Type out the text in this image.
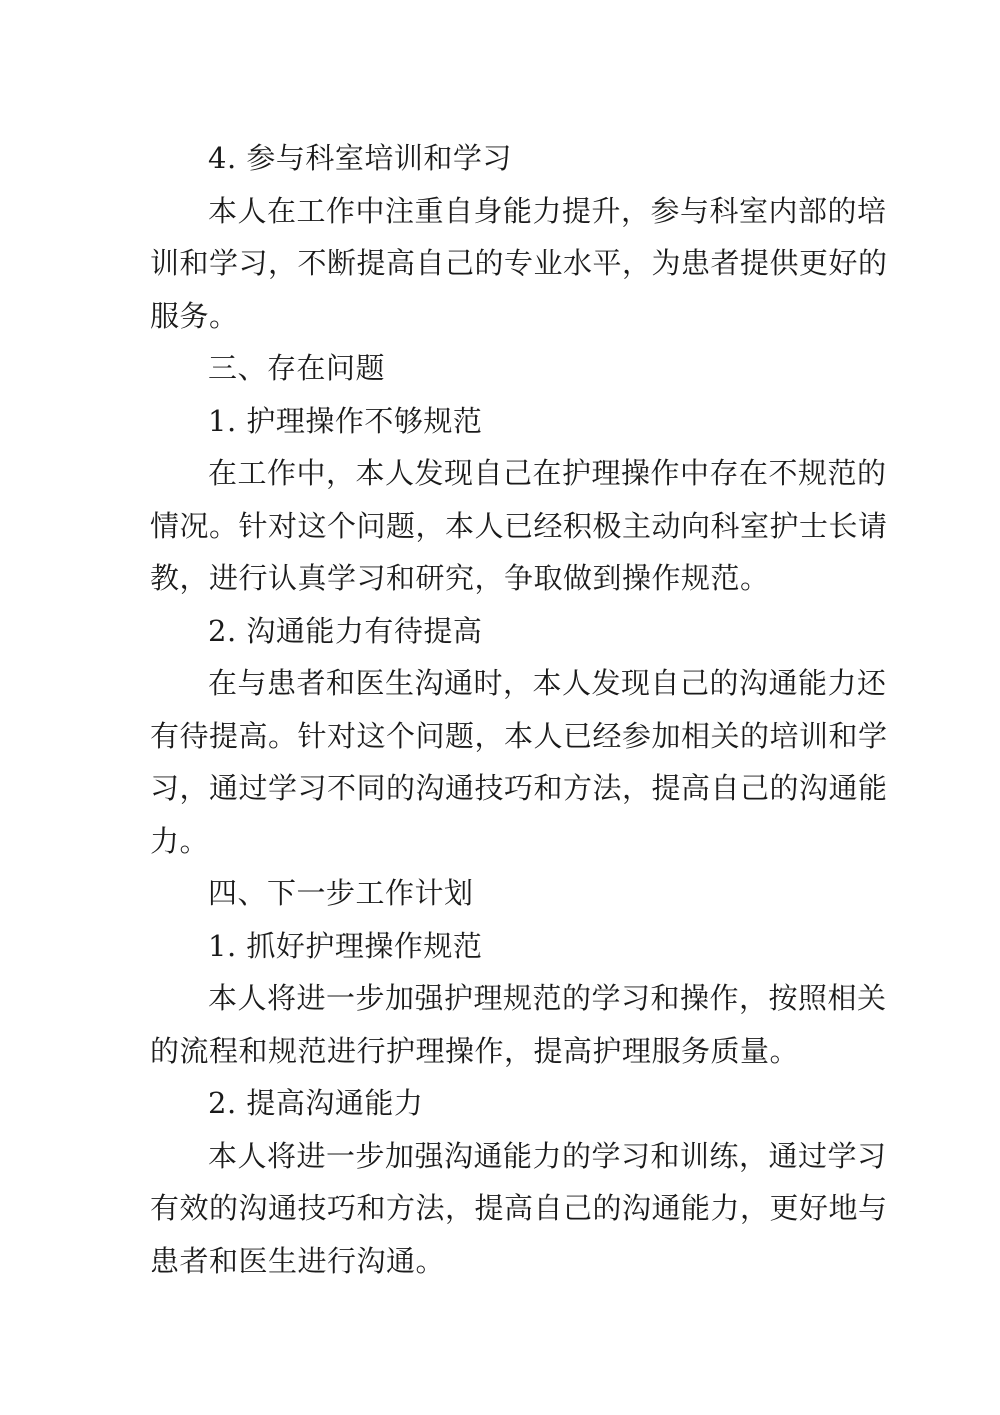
4. 参与科室培训和学习
本人在工作中注重自身能力提升，参与科室内部的培
训和学习，不断提高自己的专业水平，为患者提供更好的
服务。
三、存在问题
1. 护理操作不够规范
在工作中，本人发现自己在护理操作中存在不规范的
情况。针对这个问题，本人已经积极主动向科室护士长请
教，进行认真学习和研究，争取做到操作规范。
2. 沟通能力有待提高
在与患者和医生沟通时，本人发现自己的沟通能力还
有待提高。针对这个问题，本人已经参加相关的培训和学
习，通过学习不同的沟通技巧和方法，提高自己的沟通能
力。
四、下一步工作计划
1. 抓好护理操作规范
本人将进一步加强护理规范的学习和操作，按照相关
的流程和规范进行护理操作，提高护理服务质量。
2. 提高沟通能力
本人将进一步加强沟通能力的学习和训练，通过学习
有效的沟通技巧和方法，提高自己的沟通能力，更好地与
患者和医生进行沟通。
